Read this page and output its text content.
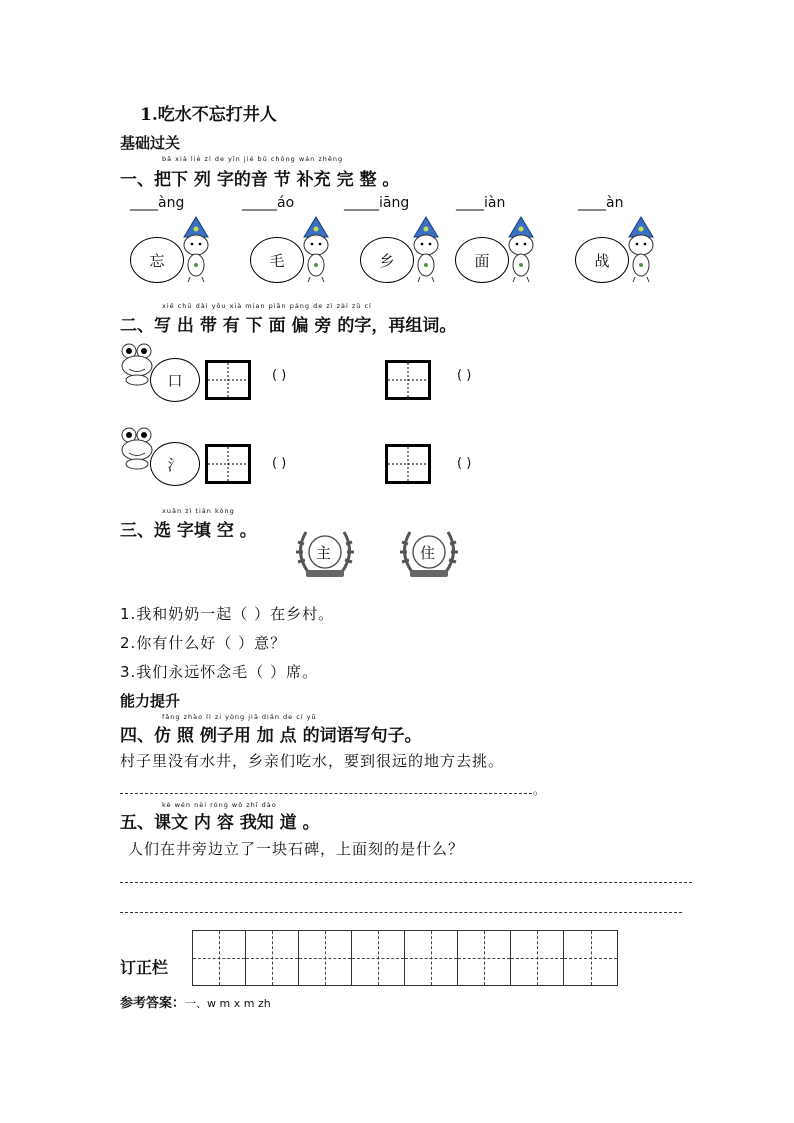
1.吃水不忘打井人
基础过关
bǎ xià liè zì de yīn jié bǔ chōng wán zhěng
一、把下 列 字的音 节 补充 完 整 。
____àng	_____áo	_____iāng	____iàn	____àn
忘	毛	乡	面	战
xiě chū dài yǒu xià mian piān páng de zì zài zǔ cí
二、写 出 带 有 下 面 偏 旁 的字，再组词。
口	( )	( )
氵	( )	( )
xuǎn zì tián kòng
三、选 字填 空 。
主	住
1.我和奶奶一起（ ）在乡村。
2.你有什么好（ ）意？
3.我们永远怀念毛（ ）席。
能力提升
fǎng zhào lì zi yòng jiā diǎn de cí yǔ
四、仿 照 例子用 加 点 的词语写句子。
村子里没有水井，乡亲们吃水，要到很远的地方去挑。
。
kè wén nèi róng wǒ zhī dào
五、课文 内 容 我知 道 。
人们在井旁边立了一块石碑，上面刻的是什么？
订正栏
参考答案：一、w m x m zh
